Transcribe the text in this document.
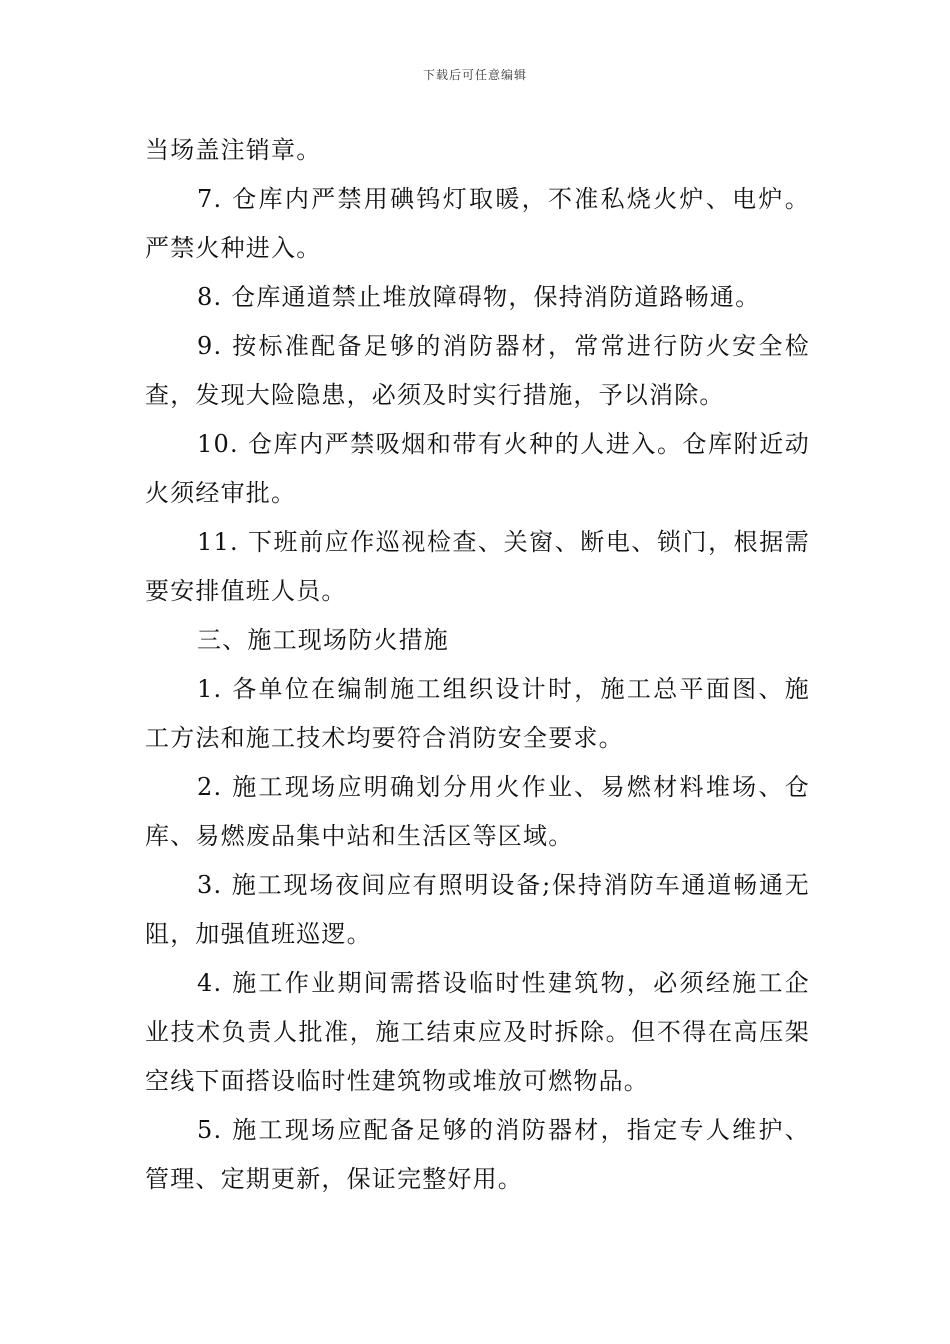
下载后可任意编辑

当场盖注销章。

7. 仓库内严禁用碘钨灯取暖，不准私烧火炉、电炉。严禁火种进入。

8. 仓库通道禁止堆放障碍物，保持消防道路畅通。

9. 按标准配备足够的消防器材，常常进行防火安全检查，发现大险隐患，必须及时实行措施，予以消除。

10. 仓库内严禁吸烟和带有火种的人进入。仓库附近动火须经审批。

11. 下班前应作巡视检查、关窗、断电、锁门，根据需要安排值班人员。

三、施工现场防火措施

1. 各单位在编制施工组织设计时，施工总平面图、施工方法和施工技术均要符合消防安全要求。

2. 施工现场应明确划分用火作业、易燃材料堆场、仓库、易燃废品集中站和生活区等区域。

3. 施工现场夜间应有照明设备;保持消防车通道畅通无阻，加强值班巡逻。

4. 施工作业期间需搭设临时性建筑物，必须经施工企业技术负责人批准，施工结束应及时拆除。但不得在高压架空线下面搭设临时性建筑物或堆放可燃物品。

5. 施工现场应配备足够的消防器材，指定专人维护、管理、定期更新，保证完整好用。
